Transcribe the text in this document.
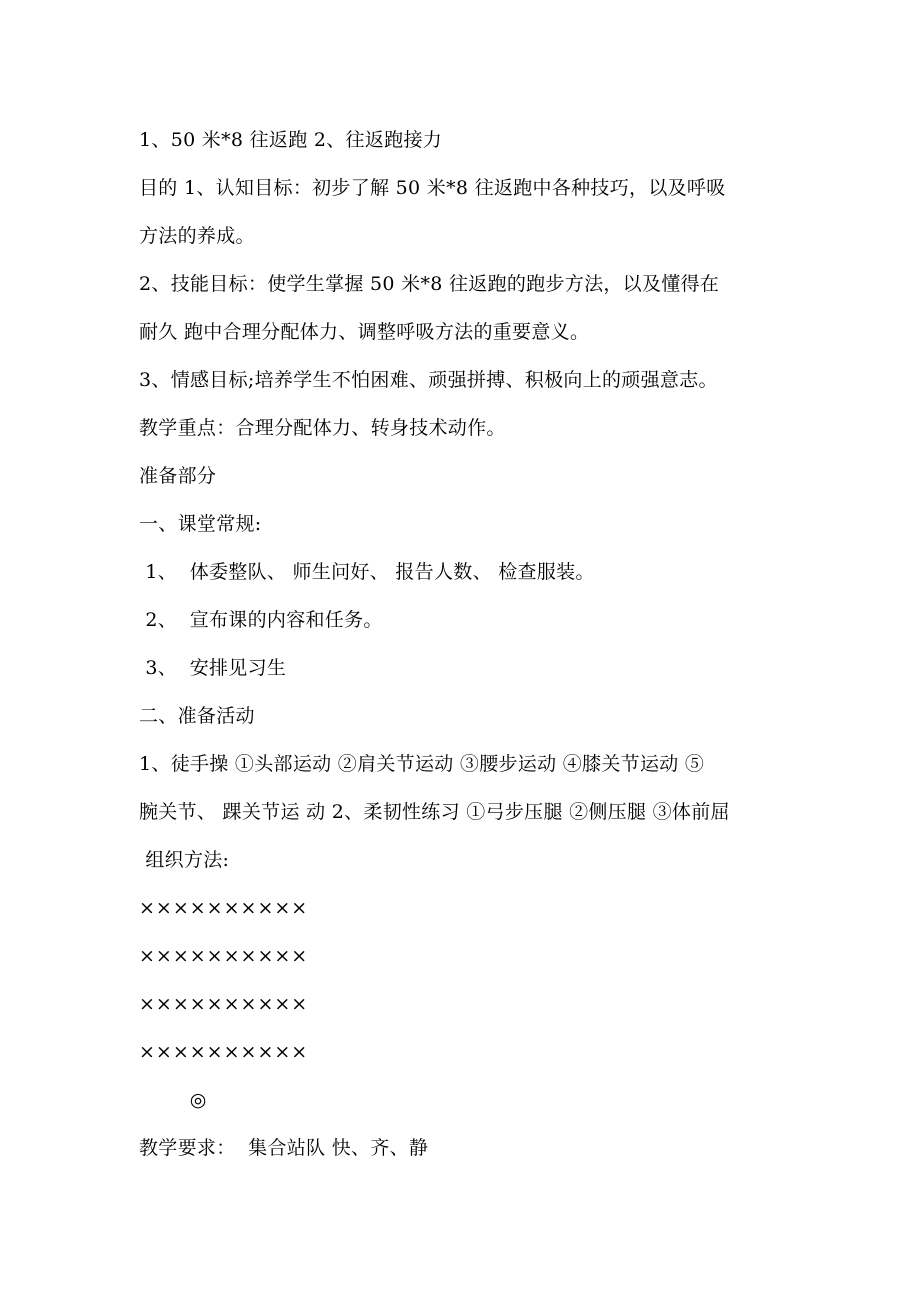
1、50 米*8 往返跑 2、往返跑接力
目的 1、认知目标：初步了解 50 米*8 往返跑中各种技巧，以及呼吸
方法的养成。
2、技能目标：使学生掌握 50 米*8 往返跑的跑步方法，以及懂得在
耐久 跑中合理分配体力、调整呼吸方法的重要意义。
3、情感目标;培养学生不怕困难、顽强拼搏、积极向上的顽强意志。
教学重点：合理分配体力、转身技术动作。
准备部分
一、课堂常规:
1、  体委整队、 师生问好、 报告人数、 检查服装。
2、  宣布课的内容和任务。
3、  安排见习生
二、准备活动
1、徒手操 ①头部运动 ②肩关节运动 ③腰步运动 ④膝关节运动 ⑤
腕关节、 踝关节运 动 2、柔韧性练习 ①弓步压腿 ②侧压腿 ③体前屈
组织方法:
××××××××××
××××××××××
××××××××××
××××××××××
◎
教学要求：  集合站队 快、齐、静
